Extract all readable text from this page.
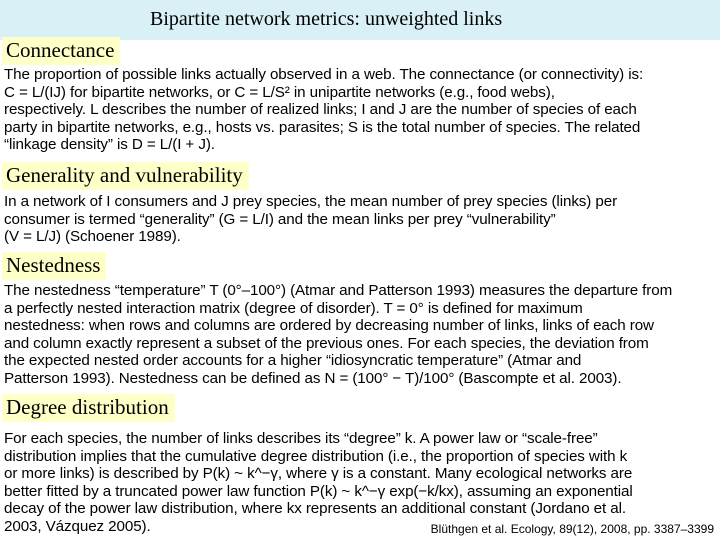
Bipartite network metrics: unweighted links
Connectance
The proportion of possible links actually observed in a web. The connectance (or connectivity) is:
C = L/(IJ) for bipartite networks, or C = L/S² in unipartite networks (e.g., food webs),
respectively. L describes the number of realized links; I and J are the number of species of each
party in bipartite networks, e.g., hosts vs. parasites; S is the total number of species. The related
“linkage density” is D = L/(I + J).
Generality and vulnerability
In a network of I consumers and J prey species, the mean number of prey species (links) per
consumer is termed “generality” (G = L/I) and the mean links per prey “vulnerability”
(V = L/J) (Schoener 1989).
Nestedness
The nestedness “temperature” T (0°–100°) (Atmar and Patterson 1993) measures the departure from
a perfectly nested interaction matrix (degree of disorder). T = 0° is defined for maximum
nestedness: when rows and columns are ordered by decreasing number of links, links of each row
and column exactly represent a subset of the previous ones. For each species, the deviation from
the expected nested order accounts for a higher “idiosyncratic temperature” (Atmar and
Patterson 1993). Nestedness can be defined as N = (100° − T)/100° (Bascompte et al. 2003).
Degree distribution
For each species, the number of links describes its “degree” k. A power law or “scale-free”
distribution implies that the cumulative degree distribution (i.e., the proportion of species with k
or more links) is described by P(k) ~ k^−γ, where γ is a constant. Many ecological networks are
better fitted by a truncated power law function P(k) ~ k^−γ exp(−k/kx), assuming an exponential
decay of the power law distribution, where kx represents an additional constant (Jordano et al.
2003, Vázquez 2005).	Blüthgen et al. Ecology, 89(12), 2008, pp. 3387–3399
